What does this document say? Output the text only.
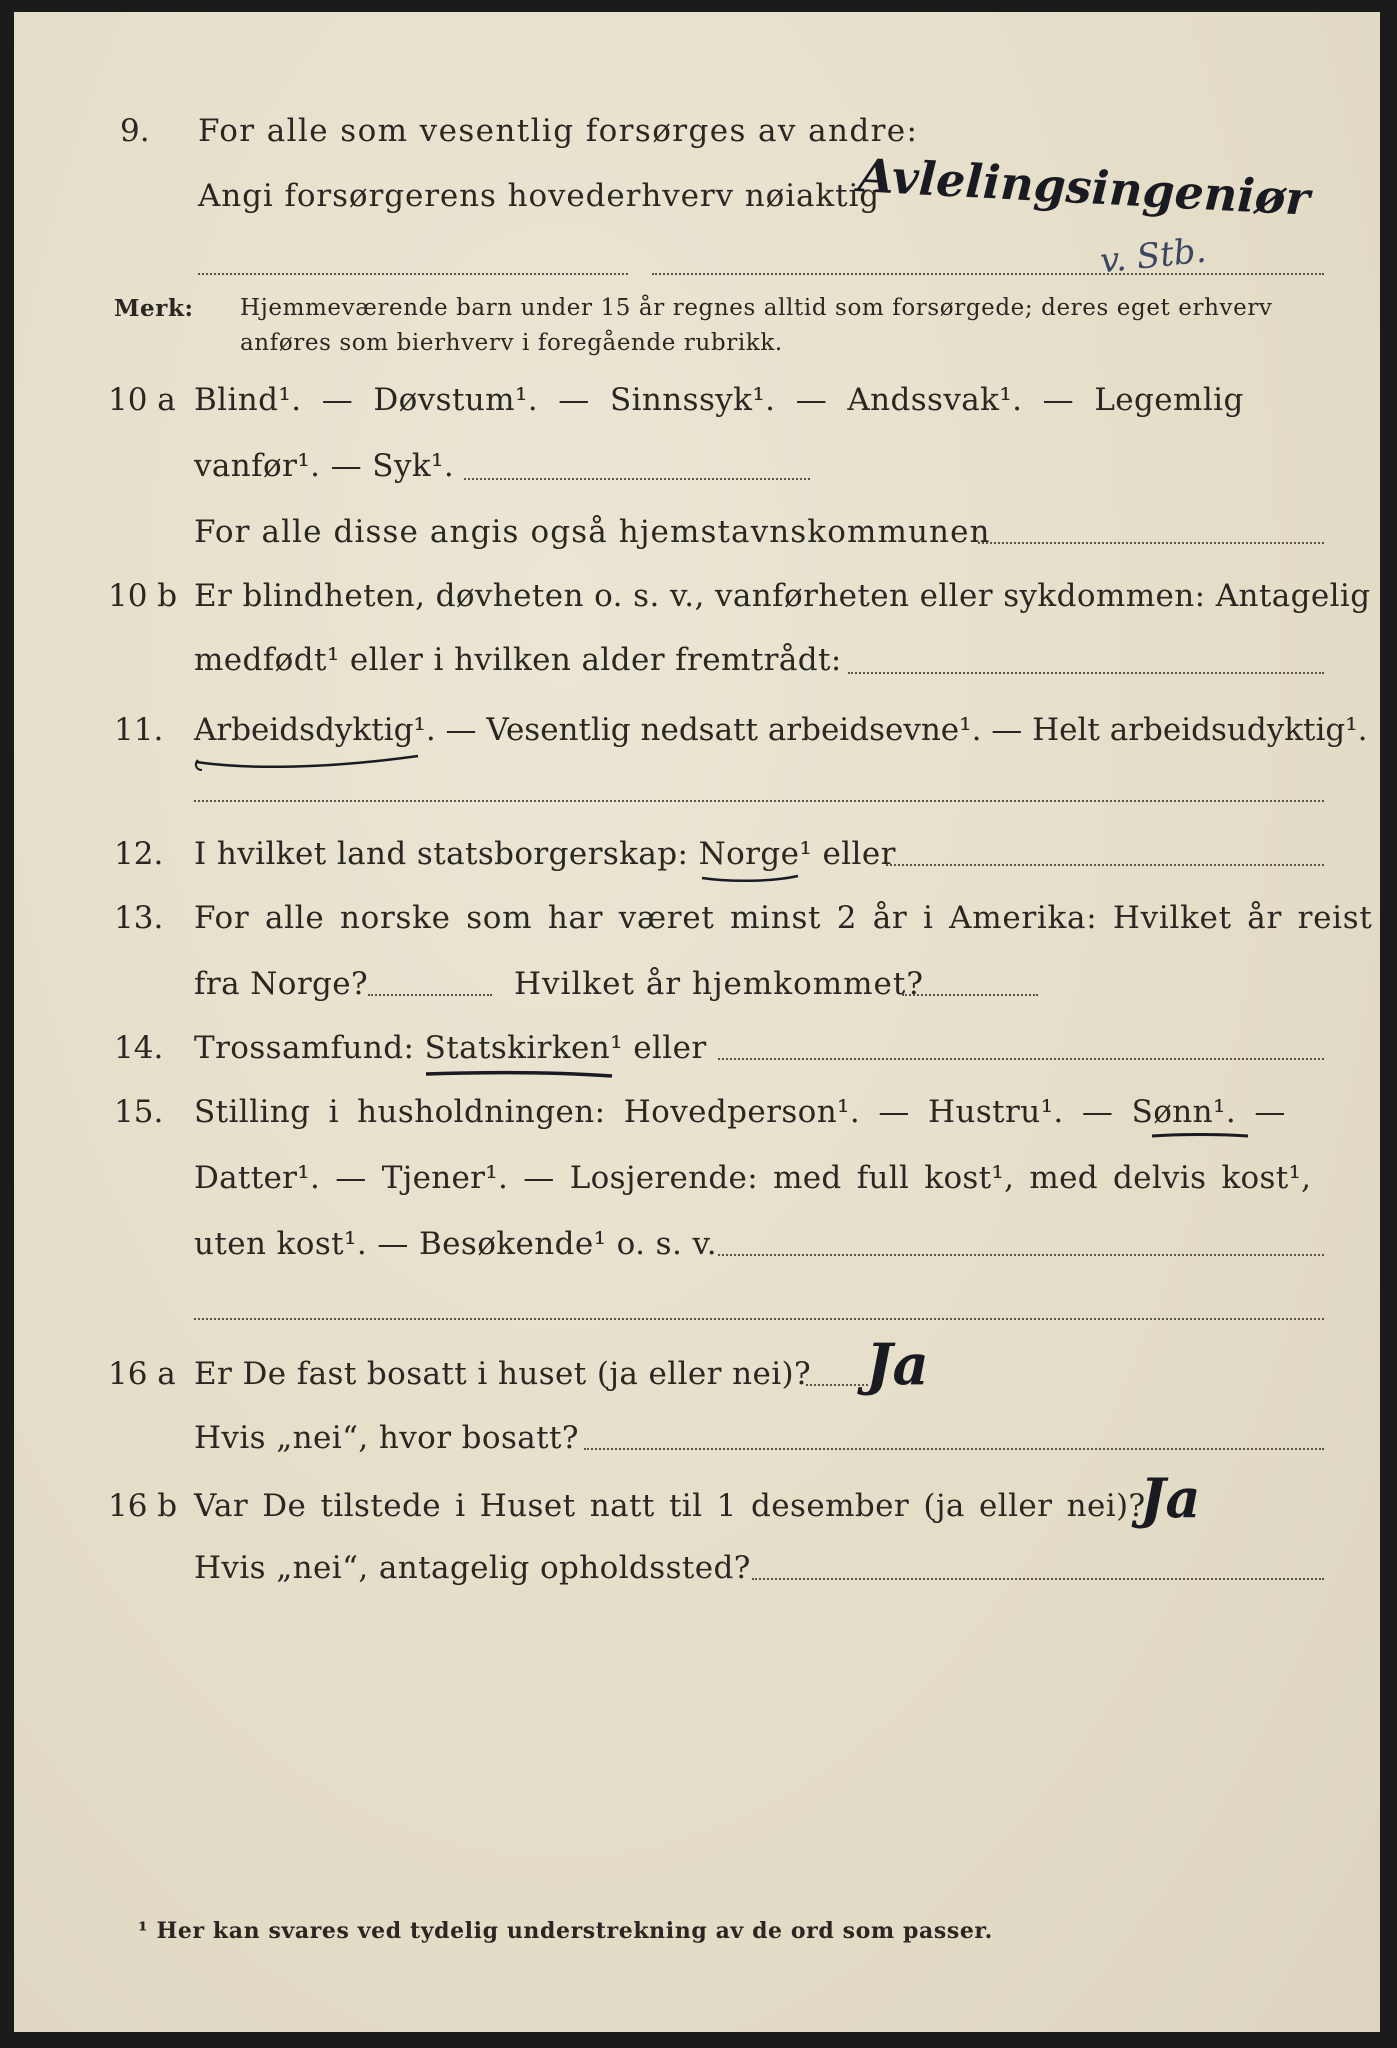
9. For alle som vesentlig forsørges av andre:
Angi forsørgerens hovederhverv nøiaktig
Avlelingsingeniør
v. Stb.
Merk: Hjemmeværende barn under 15 år regnes alltid som forsørgede; deres eget erhverv
anføres som bierhverv i foregående rubrikk.
10 a Blind¹. — Døvstum¹. — Sinnssyk¹. — Andssvak¹. — Legemlig
vanfør¹. — Syk¹.
For alle disse angis også hjemstavnskommunen
10 b Er blindheten, døvheten o. s. v., vanførheten eller sykdommen: Antagelig
medfødt¹ eller i hvilken alder fremtrådt:
11. Arbeidsdyktig¹. — Vesentlig nedsatt arbeidsevne¹. — Helt arbeidsudyktig¹.
12. I hvilket land statsborgerskap: Norge¹ eller
13. For alle norske som har været minst 2 år i Amerika: Hvilket år reist
fra Norge?	Hvilket år hjemkommet?
14. Trossamfund: Statskirken¹ eller
15. Stilling i husholdningen: Hovedperson¹. — Hustru¹. — Sønn¹. —
Datter¹. — Tjener¹. — Losjerende: med full kost¹, med delvis kost¹,
uten kost¹. — Besøkende¹ o. s. v.
16 a Er De fast bosatt i huset (ja eller nei)? Ja
Hvis „nei“, hvor bosatt?
16 b Var De tilstede i Huset natt til 1 desember (ja eller nei)?
Ja
Hvis „nei“, antagelig opholdssted?
¹ Her kan svares ved tydelig understrekning av de ord som passer.
